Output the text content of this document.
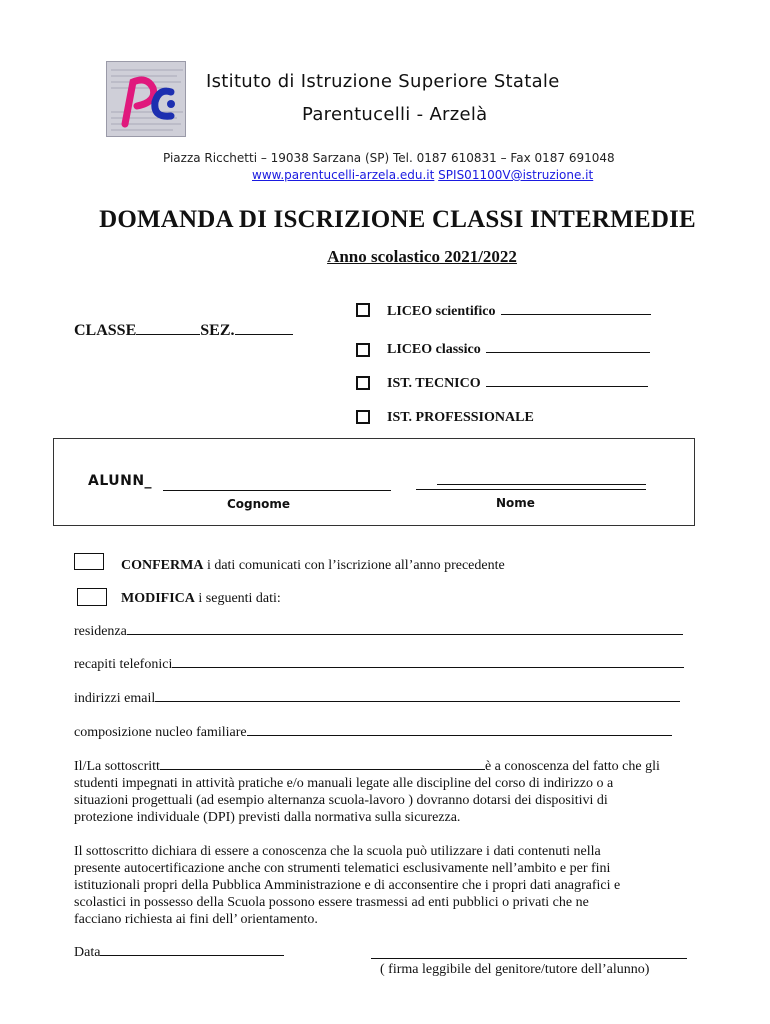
Istituto di Istruzione Superiore Statale
Parentucelli - Arzelà
Piazza Ricchetti – 19038 Sarzana (SP) Tel. 0187 610831 – Fax 0187 691048
www.parentucelli-arzela.edu.it SPIS01100V@istruzione.it
DOMANDA DI ISCRIZIONE CLASSI INTERMEDIE
Anno scolastico 2021/2022
CLASSE	SEZ.
LICEO scientifico
LICEO classico
IST. TECNICO
IST. PROFESSIONALE
ALUNN_
Cognome	Nome
CONFERMA i dati comunicati con l’iscrizione all’anno precedente
MODIFICA i seguenti dati:
residenza
recapiti telefonici
indirizzi email
composizione nucleo familiare

Il/La sottoscritt	è a conoscenza del fatto che gli

studenti impegnati in attività pratiche e/o manuali legate alle discipline del corso di indirizzo o a

situazioni progettuali (ad esempio alternanza scuola-lavoro ) dovranno dotarsi dei dispositivi di

protezione individuale (DPI) previsti dalla normativa sulla sicurezza.

Il sottoscritto dichiara di essere a conoscenza che la scuola può utilizzare i dati contenuti nella

presente autocertificazione anche con strumenti telematici esclusivamente nell’ambito e per fini

istituzionali propri della Pubblica Amministrazione e di acconsentire che i propri dati anagrafici e

scolastici in possesso della Scuola possono essere trasmessi ad enti pubblici o privati che ne

facciano richiesta ai fini dell’ orientamento.

Data
( firma leggibile del genitore/tutore dell’alunno)
